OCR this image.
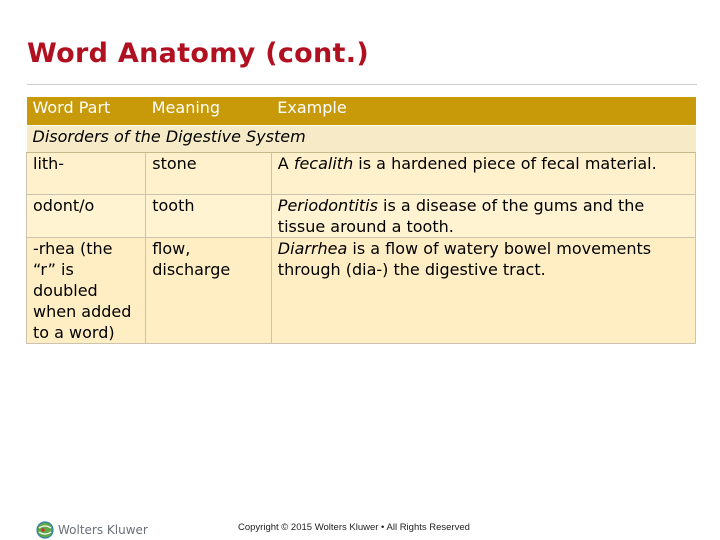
Word Anatomy (cont.)
Word Part	Meaning	Example
Disorders of the Digestive System		
lith-	stone	A fecalith is a hardened piece of fecal material.
odont/o	tooth	Periodontitis is a disease of the gums and the tissue around a tooth.
-rhea (the “r” is doubled when added to a word)	flow, discharge	Diarrhea is a flow of watery bowel movements through (dia-) the digestive tract.
Wolters Kluwer	Copyright © 2015 Wolters Kluwer • All Rights Reserved
